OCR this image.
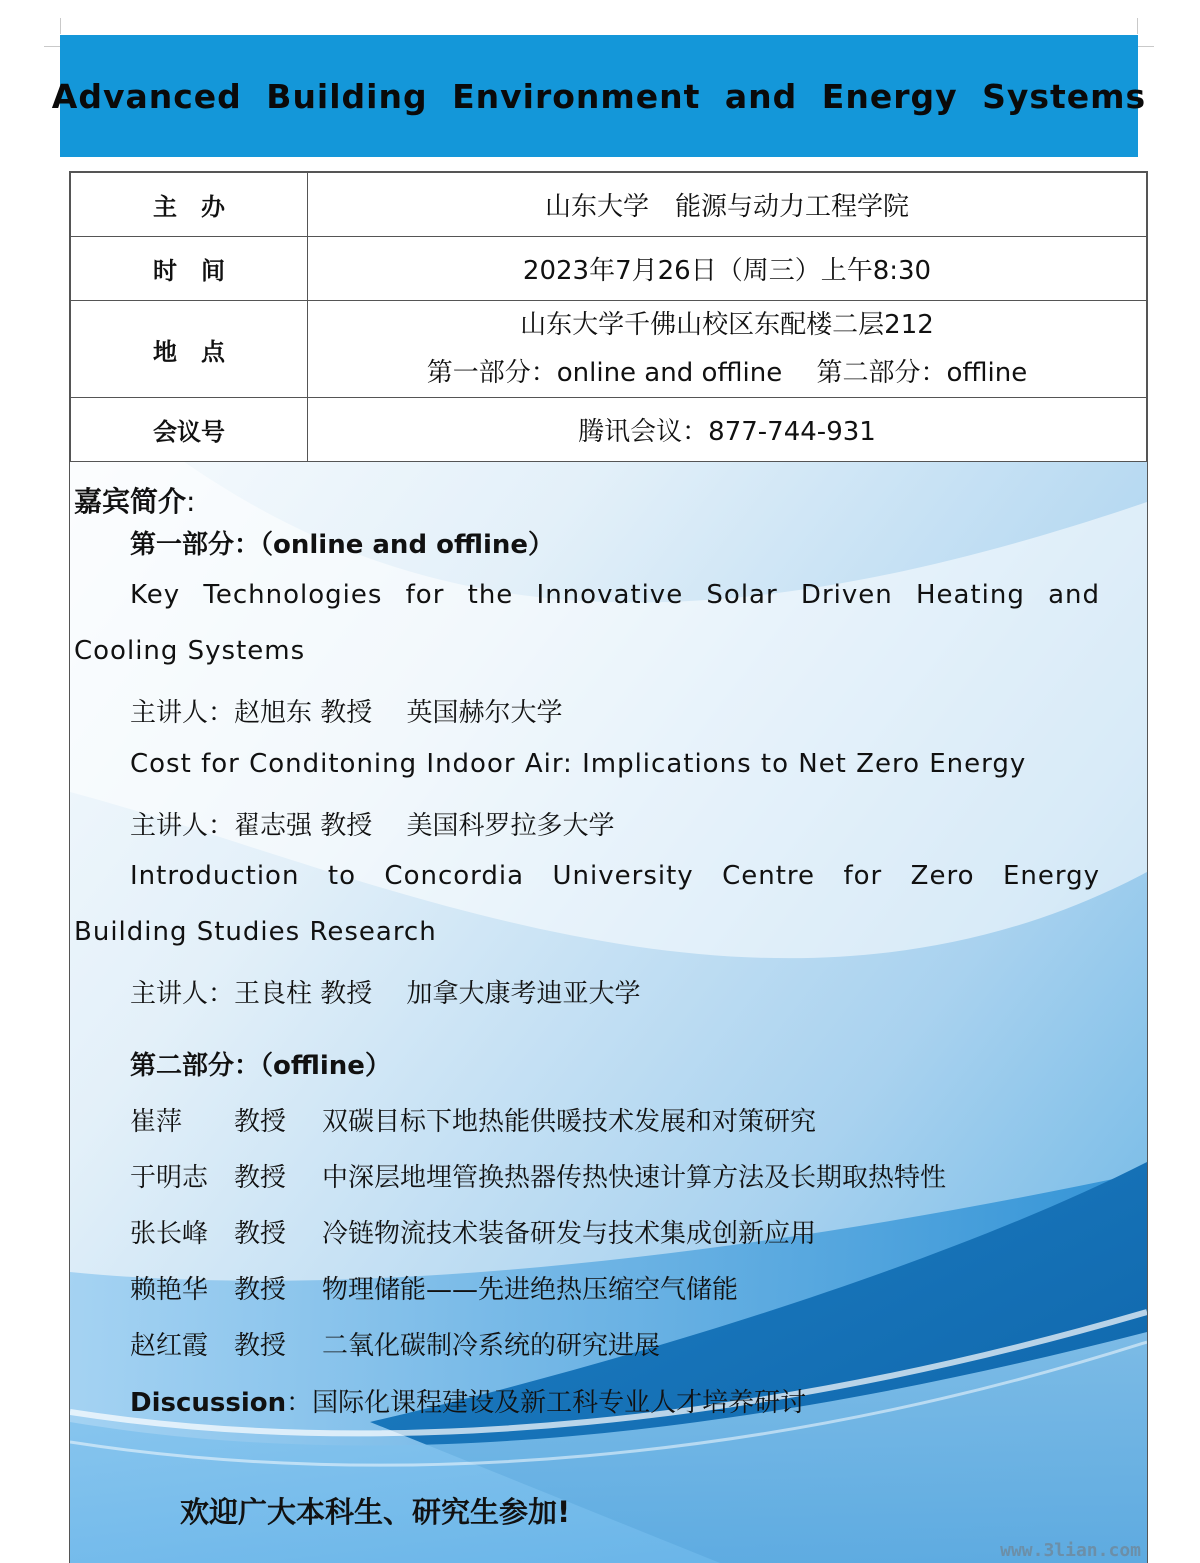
Advanced Building Environment and Energy Systems
主　办	山东大学　能源与动力工程学院
时　间	2023年7月26日（周三）上午8:30
地　点	山东大学千佛山校区东配楼二层212
第一部分：online and offline　 第二部分：offline

会议号	腾讯会议：877-744-931
嘉宾简介:
第一部分：（online and offline）
Key Technologies for the Innovative Solar Driven Heating and
Cooling Systems
主讲人：赵旭东 教授　 英国赫尔大学
Cost for Conditoning Indoor Air: Implications to Net Zero Energy
主讲人：翟志强 教授　 美国科罗拉多大学
Introduction to Concordia University Centre for Zero Energy
Building Studies Research
主讲人：王良柱 教授　 加拿大康考迪亚大学
第二部分：（offline）
崔萍 教授 双碳目标下地热能供暖技术发展和对策研究
于明志 教授 中深层地埋管换热器传热快速计算方法及长期取热特性
张长峰 教授 冷链物流技术装备研发与技术集成创新应用
赖艳华 教授 物理储能——先进绝热压缩空气储能
赵红霞 教授 二氧化碳制冷系统的研究进展
Discussion：国际化课程建设及新工科专业人才培养研讨
欢迎广大本科生、研究生参加!
www.3lian.com
